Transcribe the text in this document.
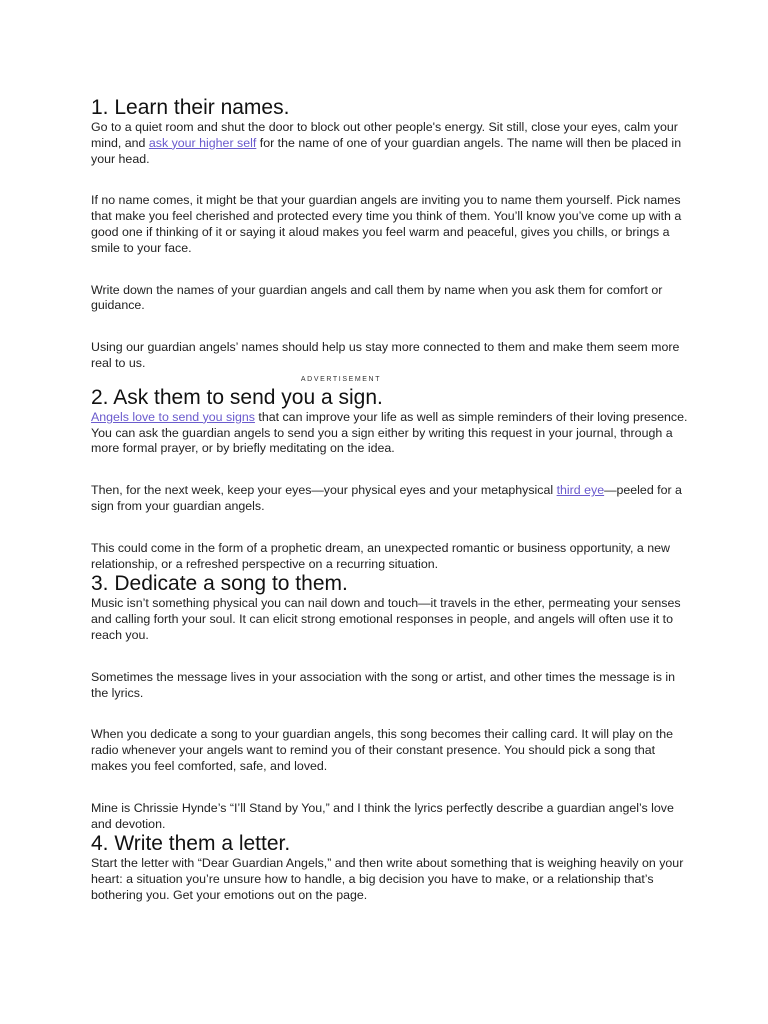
1. Learn their names.

Go to a quiet room and shut the door to block out other people's energy. Sit still, close your eyes, calm your mind, and ask your higher self for the name of one of your guardian angels. The name will then be placed in your head.

If no name comes, it might be that your guardian angels are inviting you to name them yourself. Pick names that make you feel cherished and protected every time you think of them. You’ll know you’ve come up with a good one if thinking of it or saying it aloud makes you feel warm and peaceful, gives you chills, or brings a smile to your face.

Write down the names of your guardian angels and call them by name when you ask them for comfort or guidance.

Using our guardian angels’ names should help us stay more connected to them and make them seem more real to us.

ADVERTISEMENT
2. Ask them to send you a sign.

Angels love to send you signs that can improve your life as well as simple reminders of their loving presence. You can ask the guardian angels to send you a sign either by writing this request in your journal, through a more formal prayer, or by briefly meditating on the idea.

Then, for the next week, keep your eyes—your physical eyes and your metaphysical third eye—peeled for a sign from your guardian angels.

This could come in the form of a prophetic dream, an unexpected romantic or business opportunity, a new relationship, or a refreshed perspective on a recurring situation.

3. Dedicate a song to them.

Music isn’t something physical you can nail down and touch—it travels in the ether, permeating your senses and calling forth your soul. It can elicit strong emotional responses in people, and angels will often use it to reach you.

Sometimes the message lives in your association with the song or artist, and other times the message is in the lyrics.

When you dedicate a song to your guardian angels, this song becomes their calling card. It will play on the radio whenever your angels want to remind you of their constant presence. You should pick a song that makes you feel comforted, safe, and loved.

Mine is Chrissie Hynde’s “I’ll Stand by You,” and I think the lyrics perfectly describe a guardian angel’s love and devotion.

4. Write them a letter.

Start the letter with “Dear Guardian Angels,” and then write about something that is weighing heavily on your heart: a situation you’re unsure how to handle, a big decision you have to make, or a relationship that’s bothering you. Get your emotions out on the page.
